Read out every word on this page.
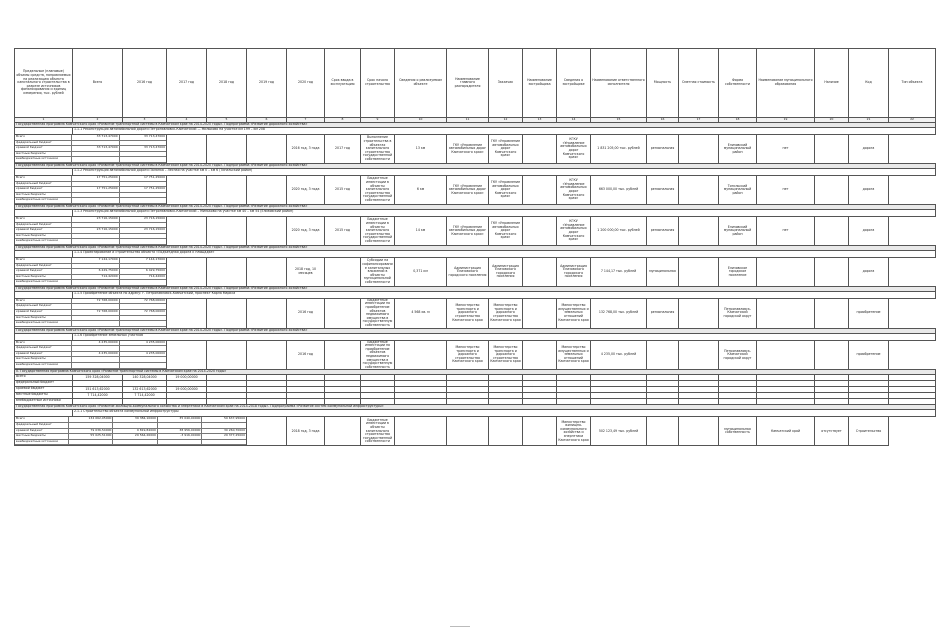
Предельные (плановые) объемы средств, направляемых на реализацию объекта капитального строительства в разрезе источников финансирования и единиц измерения, тыс. рублей	Всего	2016 год	2017 год	2018 год	2019 год	2020 год	Срок ввода в эксплуатацию	Срок начала строительства	Сведения о реализуемом объекте	Наименование главного распорядителя	Заказчик	Наименование застройщика	Сведения о застройщике	Наименование ответственного исполнителя	Мощность	Сметная стоимость	Форма собственности	Наименование муниципального образования	Наличие	Код	Тип объекта
1	2	3	4	5	6	7	8	9	10	11	12	13	14	15	16	17	18	19	20	21	22
Государственная программа Камчатского края «Развитие транспортной системы в Камчатском крае на 2014-2020 годы». Подпрограмма «Развитие дорожного хозяйства»
	1.1.1 Реконструкция автомобильной дороги Петропавловск-Камчатский — Мильково на участке км 199 – км 208

Всего	33 713,47000	33 713,47000
федеральный бюджет		
краевой бюджет	33 713,47000	33 713,47000
местные бюджеты		
внебюджетные источники		
				2016 год, 3 года	2017 год	Выполнение строительства в объектах капитального строительства государственной собственности	13 км	ГКУ «Управление автомобильных дорог Камчатского края»	ГКУ «Управление автомобильных дорог Камчатского края»		КГКУ «Управление автомобильных дорог Камчатского края»	1 831 205,00 тыс. рублей	региональная		Елизовский муниципальный район	нет		дорога
Государственная программа Камчатского края «Развитие транспортной системы в Камчатском крае на 2014-2020 годы». Подпрограмма «Развитие дорожного хозяйства»
	1.1.2 Реконструкция автомобильной дороги Паланка – Лесная на участке км 0 – км 6 (Тигильский район)

Всего	17 751,25000	17 751,25000
федеральный бюджет		
краевой бюджет	17 751,25000	17 751,25000
местные бюджеты		
внебюджетные источники		
				2020 год, 3 года	2015 год	Бюджетные инвестиции в объекты капитального строительства государственной собственности	6 км	ГКУ «Управление автомобильных дорог Камчатского края»	ГКУ «Управление автомобильных дорог Камчатского края»		КГКУ «Управление автомобильных дорог Камчатского края»	663 000,00 тыс. рублей	региональная		Тигильский муниципальный район	нет		дорога
Государственная программа Камчатского края «Развитие транспортной системы в Камчатском крае на 2014-2020 годы». Подпрограмма «Развитие дорожного хозяйства»
	1.1.3 Реконструкция автомобильной дороги Петропавловск-Камчатский – Мильково на участке км 40 – км 54 (Елизовский район)

Всего	23 716,15000	23 716,15000
федеральный бюджет		
краевой бюджет	23 716,15000	23 716,15000
местные бюджеты		
внебюджетные источники		
				2020 год, 3 года	2015 год	Бюджетные инвестиции в объекты капитального строительства государственной собственности	14 км	ГКУ «Управление автомобильных дорог Камчатского края»	ГКУ «Управление автомобильных дорог Камчатского края»		КГКУ «Управление автомобильных дорог Камчатского края»	1 200 000,00 тыс. рублей	региональная		Елизовский муниципальный район	нет		дорога
Государственная программа Камчатского края «Развитие транспортной системы в Камчатском крае на 2014-2020 годы». Подпрограмма «Развитие дорожного хозяйства»
	1.1.4 Проектирование и строительство объекта «Подъездная дорога к площадке»

Всего	7 144,17000	7 144,17000
федеральный бюджет		
краевой бюджет	6 429,75000	6 429,75000
местные бюджеты	714,42000	714,42000
внебюджетные источники		
				2018 год, 10 месяцев		Субсидии на софинансирование капитальных вложений в объекты муниципальной собственности	0,371 км	Администрация Елизовского городского поселения	Администрация Елизовского городского поселения		Администрация Елизовского городского поселения	7 144,17 тыс. рублей	муниципальная		Елизовское городское поселение			дорога
Государственная программа Камчатского края «Развитие транспортной системы в Камчатском крае на 2014-2020 годы». Подпрограмма «Развитие дорожного хозяйства»
	1.1.5 Приобретение объекта по адресу: г. Петропавловск-Камчатский, проспект Карла Маркса

Всего	72 768,00000	72 768,00000
федеральный бюджет		
краевой бюджет	72 768,00000	72 768,00000
местные бюджеты		
внебюджетные источники		
				2016 год		Бюджетные инвестиции на приобретение объектов недвижимого имущества в государственную собственность	4 568 кв. м	Министерство транспорта и дорожного строительства Камчатского края	Министерство транспорта и дорожного строительства Камчатского края		Министерство имущественных и земельных отношений Камчатского края	132 768,00 тыс. рублей	региональная		Петропавловск-Камчатский городской округ			приобретение
Государственная программа Камчатского края «Развитие транспортной системы в Камчатском крае на 2014-2020 годы». Подпрограмма «Развитие дорожного хозяйства»
	1.1.6 Приобретение земельных участков

Всего	4 235,00000	4 235,00000
федеральный бюджет		
краевой бюджет	4 235,00000	4 235,00000
местные бюджеты		
внебюджетные источники		
				2016 год		Бюджетные инвестиции на приобретение объектов недвижимого имущества в государственную собственность		Министерство транспорта и дорожного строительства Камчатского края	Министерство транспорта и дорожного строительства Камчатского края		Министерство имущественных и земельных отношений Камчатского края	4 235,00 тыс. рублей			Петропавловск-Камчатский городской округ			приобретение
II. Государственная программа Камчатского края «Развитие транспортной системы в Камчатском крае на 2014-2020 годы»
Всего	159 328,04000	140 328,04000	19 000,00000																		
федеральный бюджет																					
краевой бюджет	151 613,62000	132 613,62000	19 000,00000																		
местные бюджеты	7 714,42000	7 714,42000																			
внебюджетные источники																					
Государственная программа Камчатского края «Развитие жилищно-коммунального хозяйства и энергетики в Камчатском крае на 2014-2018 годы». Подпрограмма «Развитие систем коммунальной инфраструктуры»
	2.1.1 Строительство объекта коммунальной инфраструктуры

Всего	134 062,05000	39 384,10000	35 040,00000	59 637,95000
федеральный бюджет				
краевой бюджет	79 036,54000	9 819,84000	38 956,00000	30 260,70000
местные бюджеты	55 025,51000	29 564,26000	-3 916,00000	29 377,25000
внебюджетные источники				
		2018 год, 3 года		Бюджетные инвестиции в объекты капитального строительства государственной собственности					Министерство жилищно-коммунального хозяйства и энергетики Камчатского края	502 123,49 тыс. рублей			муниципальная собственность	Камчатский край	отсутствует	Строительство
